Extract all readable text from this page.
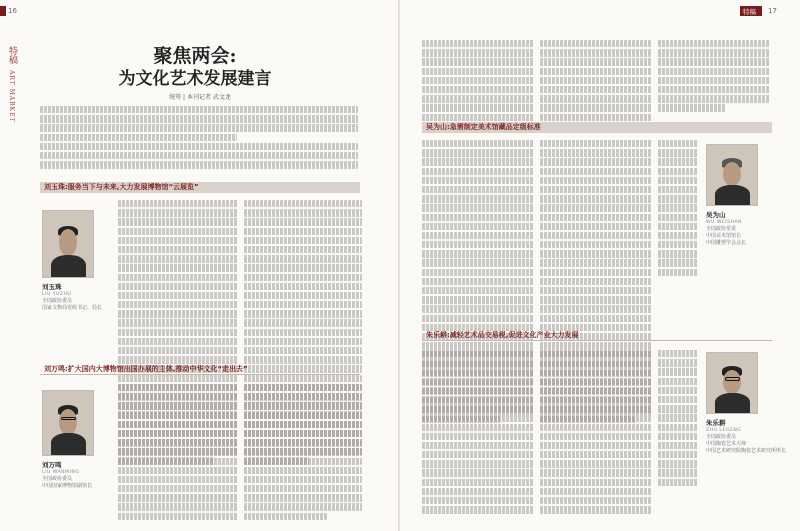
16
特稿
ART MARKET
聚焦两会:
为文化艺术发展建言
统筹 | 本刊记者 武文龙
刘玉珠:服务当下与未来,大力发展博物馆“云展览”
刘玉珠
LIU YUZHU
全国政协委员
国家文物局党组书记、局长
刘万鸣:扩大国内大博物馆出国办展的主体,推动中华文化“走出去”
刘万鸣
LIU WANMING
全国政协委员
中国国家博物馆副馆长
特稿 17
吴为山:急需制定美术馆藏品定级标准
吴为山
WU WEISHAN
全国政协常委
中国美术馆馆长
中国雕塑学会会长
朱乐耕:减轻艺术品交易税,促进文化产业大力发展
朱乐耕
ZHU LEGENG
全国政协委员
中国陶瓷艺术大师
中国艺术研究院陶瓷艺术研究所所长
